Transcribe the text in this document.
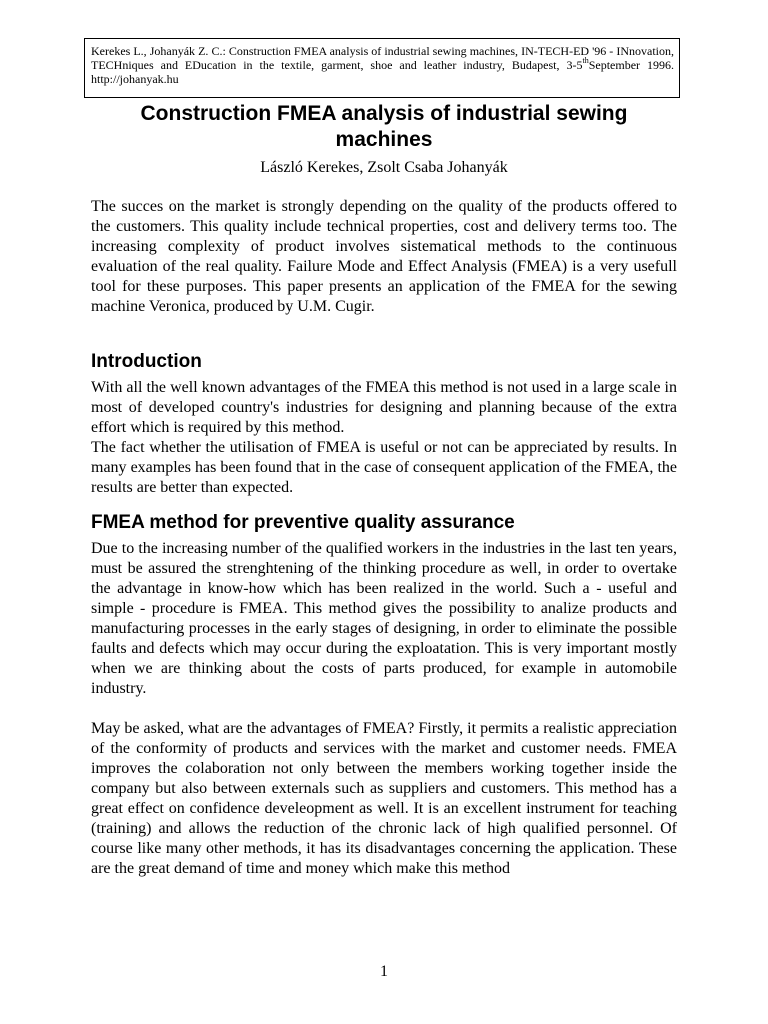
Kerekes L., Johanyák Z. C.: Construction FMEA analysis of industrial sewing machines, IN-TECH-ED '96 - INnovation, TECHniques and EDucation in the textile, garment, shoe and leather industry, Budapest, 3-5thSeptember 1996. http://johanyak.hu
Construction FMEA analysis of industrial sewing machines
László Kerekes, Zsolt Csaba Johanyák

The succes on the market is strongly depending on the quality of the products offered to the customers. This quality include technical properties, cost and delivery terms too. The increasing complexity of product involves sistematical methods to the continuous evaluation of the real quality. Failure Mode and Effect Analysis (FMEA) is a very usefull tool for these purposes. This paper presents an application of the FMEA for the sewing machine Veronica, produced by U.M. Cugir.

Introduction

With all the well known advantages of the FMEA this method is not used in a large scale in most of developed country's industries for designing and planning because of the extra effort which is required by this method.

The fact whether the utilisation of FMEA is useful or not can be appreciated by results. In many examples has been found that in the case of consequent application of the FMEA, the results are better than expected.

FMEA method for preventive quality assurance

Due to the increasing number of the qualified workers in the industries in the last ten years, must be assured the strenghtening of the thinking procedure as well, in order to overtake the advantage in know-how which has been realized in the world. Such a - useful and simple - procedure is FMEA. This method gives the possibility to analize products and manufacturing processes in the early stages of designing, in order to eliminate the possible faults and defects which may occur during the exploatation. This is very important mostly when we are thinking about the costs of parts produced, for example in automobile industry.

May be asked, what are the advantages of FMEA? Firstly, it permits a realistic appreciation of the conformity of products and services with the market and customer needs. FMEA improves the colaboration not only between the members working together inside the company but also between externals such as suppliers and customers. This method has a great effect on confidence develeopment as well. It is an excellent instrument for teaching (training) and allows the reduction of the chronic lack of high qualified personnel. Of course like many other methods, it has its disadvantages concerning the application. These are the great demand of time and money which make this method

1
